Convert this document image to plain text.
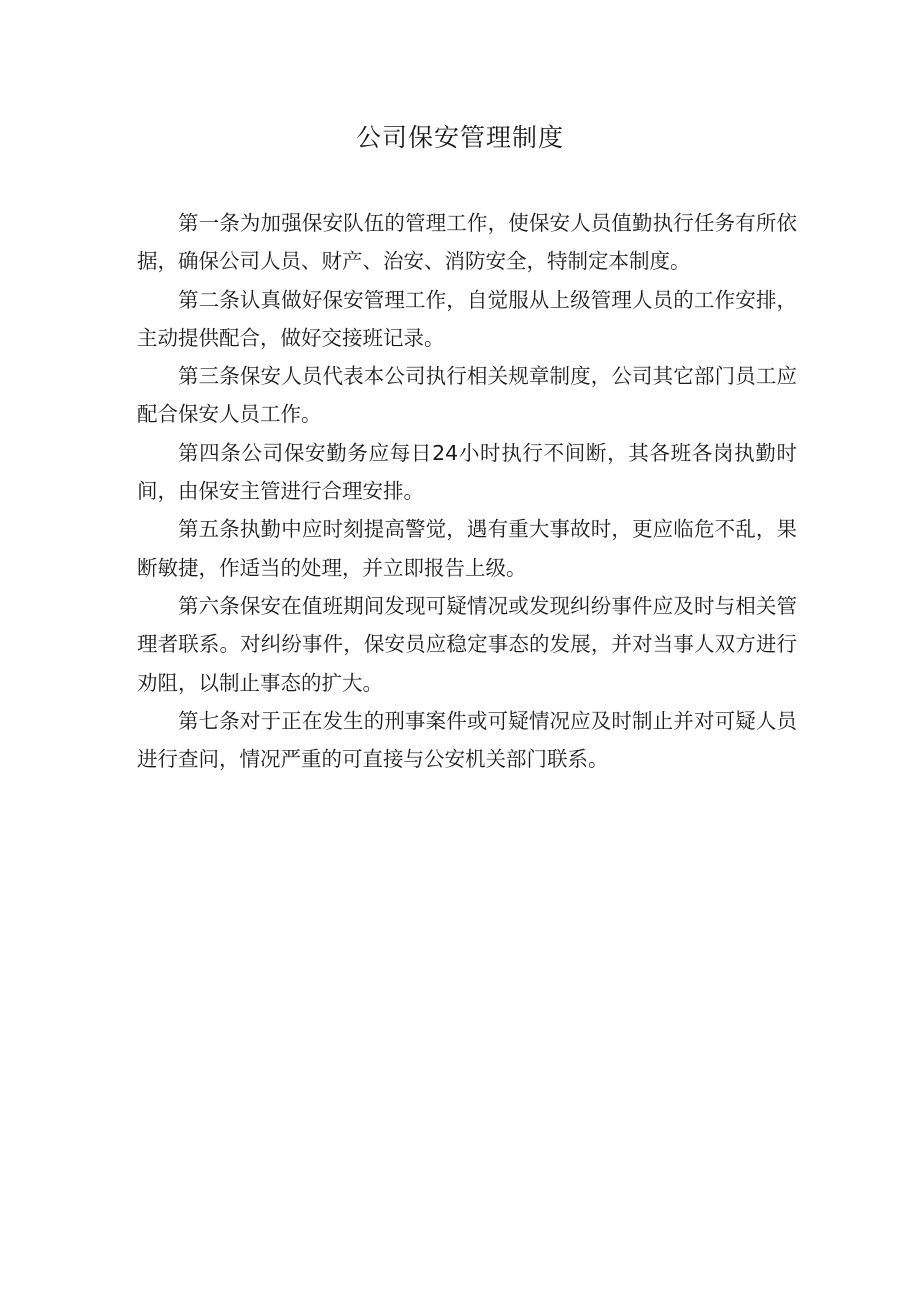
公司保安管理制度

第一条为加强保安队伍的管理工作，使保安人员值勤执行任务有所依据，确保公司人员、财产、治安、消防安全，特制定本制度。

第二条认真做好保安管理工作，自觉服从上级管理人员的工作安排，主动提供配合，做好交接班记录。

第三条保安人员代表本公司执行相关规章制度，公司其它部门员工应配合保安人员工作。

第四条公司保安勤务应每日24小时执行不间断，其各班各岗执勤时间，由保安主管进行合理安排。

第五条执勤中应时刻提高警觉，遇有重大事故时，更应临危不乱，果断敏捷，作适当的处理，并立即报告上级。

第六条保安在值班期间发现可疑情况或发现纠纷事件应及时与相关管理者联系。对纠纷事件，保安员应稳定事态的发展，并对当事人双方进行劝阻，以制止事态的扩大。

第七条对于正在发生的刑事案件或可疑情况应及时制止并对可疑人员进行查问，情况严重的可直接与公安机关部门联系。
